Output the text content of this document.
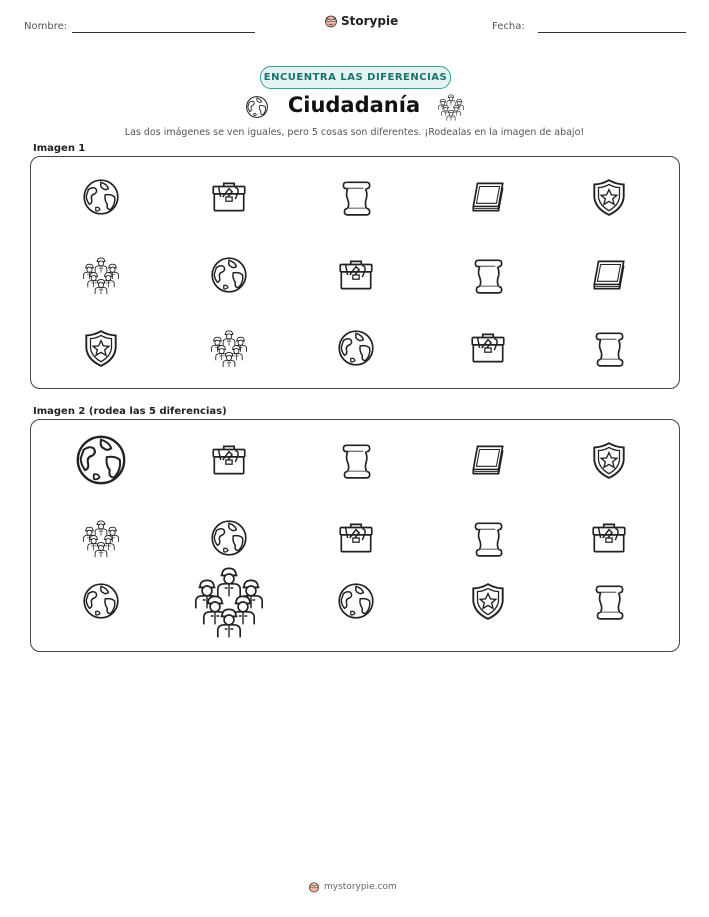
Nombre:	Storypie	Fecha:
ENCUENTRA LAS DIFERENCIAS
Ciudadanía
Las dos imágenes se ven iguales, pero 5 cosas son diferentes. ¡Rodealas en la imagen de abajo!
Imagen 1
Imagen 2 (rodea las 5 diferencias)
mystorypie.com
